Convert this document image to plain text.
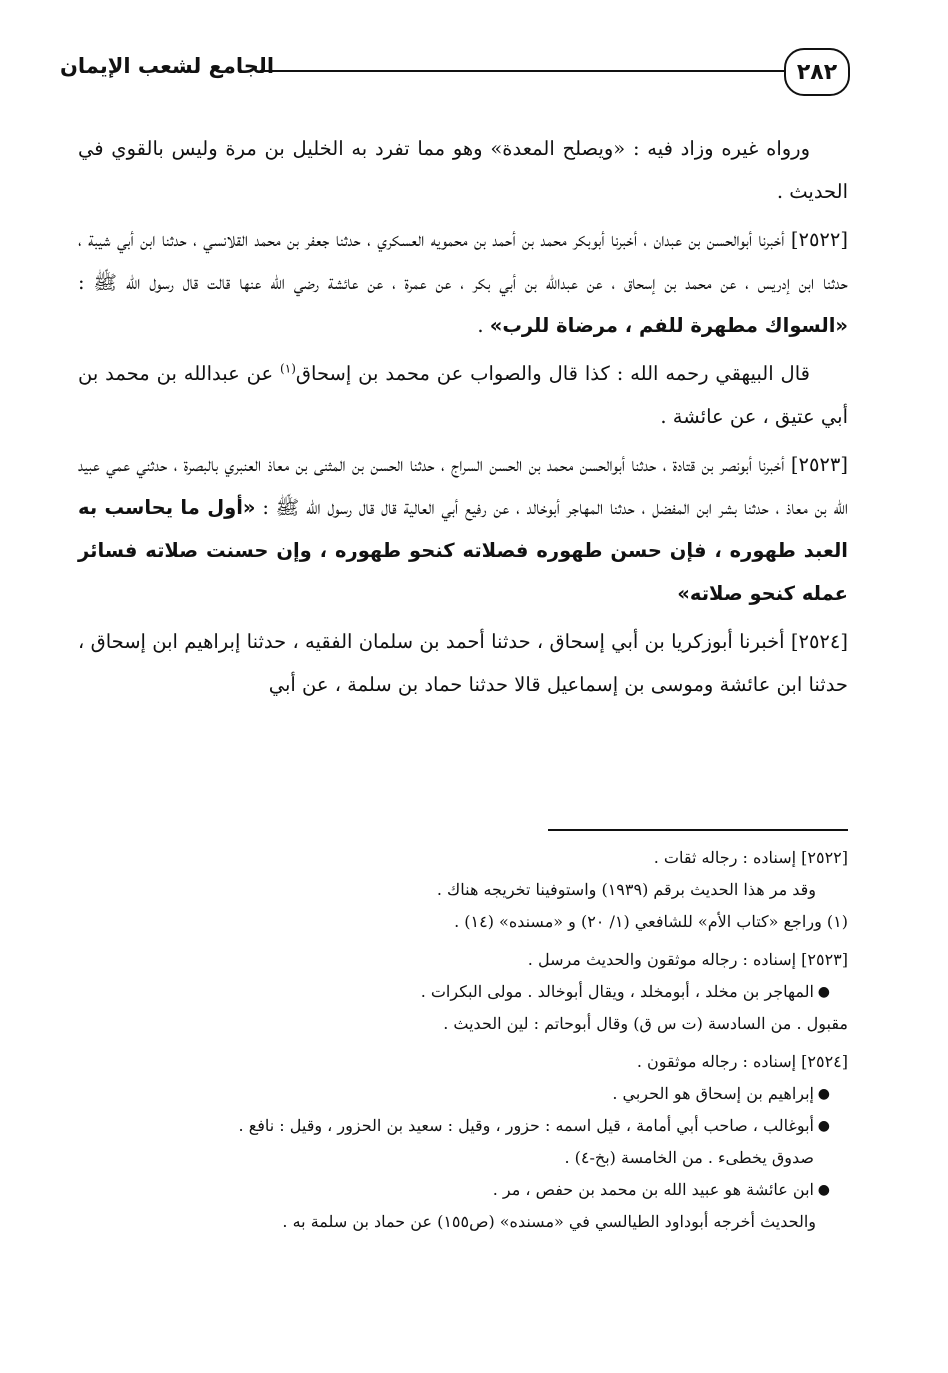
٢٨٢
الجامع لشعب الإيمان

ورواه غيره وزاد فيه : «ويصلح المعدة» وهو مما تفرد به الخليل بن مرة وليس بالقوي في الحديث .

[٢٥٢٢] أخبرنا أبوالحسن بن عبدان ، أخبرنا أبوبكر محمد بن أحمد بن محمويه العسكري ، حدثنا جعفر بن محمد القلانسي ، حدثنا ابن أبي شيبة ، حدثنا ابن إدريس ، عن محمد بن إسحاق ، عن عبدالله بن أبي بكر ، عن عمرة ، عن عائشة رضي الله عنها قالت قال رسول الله ﷺ : «السواك مطهرة للفم ، مرضاة للرب» .

قال البيهقي رحمه الله : كذا قال والصواب عن محمد بن إسحاق$^{(١)}$ عن عبدالله بن محمد بن أبي عتيق ، عن عائشة .

[٢٥٢٣] أخبرنا أبونصر بن قتادة ، حدثنا أبوالحسن محمد بن الحسن السراج ، حدثنا الحسن بن المثنى بن معاذ العنبري بالبصرة ، حدثني عمي عبيد الله بن معاذ ، حدثنا بشر ابن المفضل ، حدثنا المهاجر أبوخالد ، عن رفيع أبي العالية قال قال رسول الله ﷺ : «أول ما يحاسب به العبد طهوره ، فإن حسن طهوره فصلاته كنحو طهوره ، وإن حسنت صلاته فسائر عمله كنحو صلاته»

[٢٥٢٤] أخبرنا أبوزكريا بن أبي إسحاق ، حدثنا أحمد بن سلمان الفقيه ، حدثنا إبراهيم ابن إسحاق ، حدثنا ابن عائشة وموسى بن إسماعيل قالا حدثنا حماد بن سلمة ، عن أبي

[٢٥٢٢] إسناده : رجاله ثقات .

وقد مر هذا الحديث برقم (١٩٣٩) واستوفينا تخريجه هناك .

(١) وراجع «كتاب الأم» للشافعي (١/ ٢٠) و «مسنده» (١٤) .

[٢٥٢٣] إسناده : رجاله موثقون والحديث مرسل .

●
المهاجر بن مخلد ، أبومخلد ، ويقال أبوخالد . مولى البكرات .

مقبول . من السادسة (ت س ق) وقال أبوحاتم : لين الحديث .

[٢٥٢٤] إسناده : رجاله موثقون .

●
إبراهيم بن إسحاق هو الحربي .
●
أبوغالب ، صاحب أبي أمامة ، قيل اسمه : حزور ، وقيل : سعيد بن الحزور ، وقيل : نافع .
صدوق يخطىء . من الخامسة (بخ-٤) .
●
ابن عائشة هو عبيد الله بن محمد بن حفص ، مر .

والحديث أخرجه أبوداود الطيالسي في «مسنده» (ص١٥٥) عن حماد بن سلمة به .
